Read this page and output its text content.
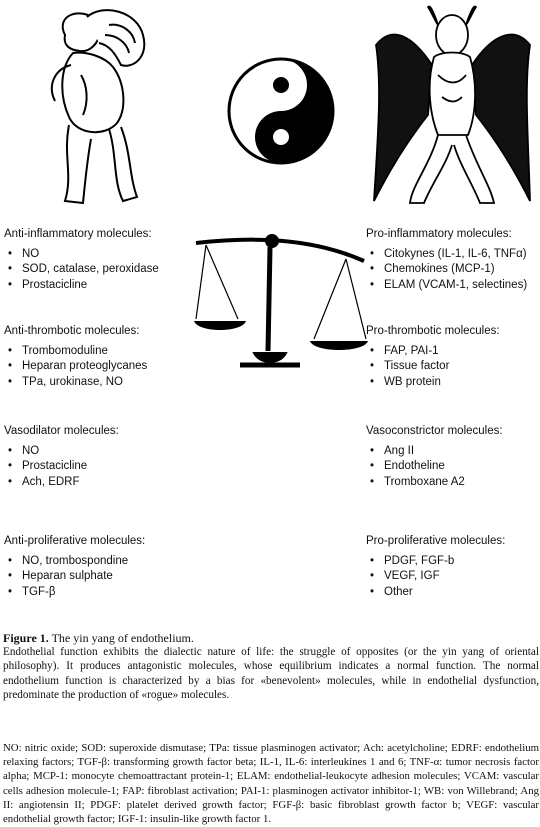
Anti-inflammatory molecules:
• NO
• SOD, catalase, peroxidase
• Prostacicline
Anti-thrombotic molecules:
• Trombomoduline
• Heparan proteoglycanes
• TPa, urokinase, NO
Vasodilator molecules:
• NO
• Prostacicline
• Ach, EDRF
Anti-proliferative molecules:
• NO, trombospondine
• Heparan sulphate
• TGF-β
Pro-inflammatory molecules:
• Citokynes (IL-1, IL-6, TNFα)
• Chemokines (MCP-1)
• ELAM (VCAM-1, selectines)
Pro-thrombotic molecules:
• FAP, PAI-1
• Tissue factor
• WB protein
Vasoconstrictor molecules:
• Ang II
• Endotheline
• Tromboxane A2
Pro-proliferative molecules:
• PDGF, FGF-b
• VEGF, IGF
• Other
Figure 1. The yin yang of endothelium.

Endothelial function exhibits the dialectic nature of life: the struggle of opposites (or the yin yang of oriental philosophy). It produces antagonistic molecules, whose equilibrium indicates a normal function. The normal endothelium function is characterized by a bias for «benevolent» molecules, while in endothelial dysfunction, predominate the production of «rogue» molecules.

NO: nitric oxide; SOD: superoxide dismutase; TPa: tissue plasminogen activator; Ach: acetylcholine; EDRF: endothelium relaxing factors; TGF-β: transforming growth factor beta; IL-1, IL-6: interleukines 1 and 6; TNF-α: tumor necrosis factor alpha; MCP-1: monocyte chemoattractant protein-1; ELAM: endothelial-leukocyte adhesion molecules; VCAM: vascular cells adhesion molecule-1; FAP: fibroblast activation; PAI-1: plasminogen activator inhibitor-1; WB: von Willebrand; Ang II: angiotensin II; PDGF: platelet derived growth factor; FGF-β: basic fibroblast growth factor b; VEGF: vascular endothelial growth factor; IGF-1: insulin-like growth factor 1.
